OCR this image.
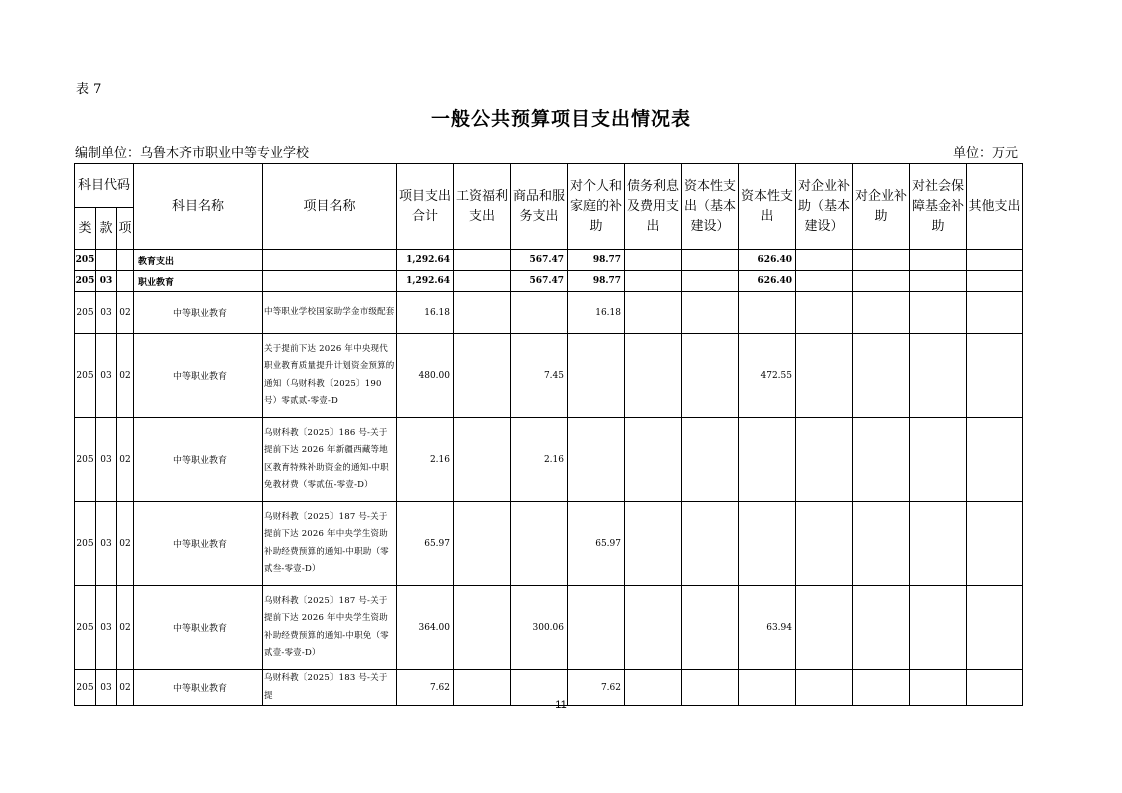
表 7
一般公共预算项目支出情况表
编制单位：乌鲁木齐市职业中等专业学校	单位：万元
科目代码			科目名称	项目名称	项目支出合计	工资福利支出	商品和服务支出	对个人和家庭的补助	债务利息及费用支出	资本性支出（基本建设）	资本性支出	对企业补助（基本建设）	对企业补助	对社会保障基金补助	其他支出
类	款	项													
205			教育支出		1,292.64		567.47	98.77			626.40				
205	03		职业教育		1,292.64		567.47	98.77			626.40				
205	03	02	中等职业教育	中等职业学校国家助学金市级配套	16.18			16.18							
205	03	02	中等职业教育	关于提前下达 2026 年中央现代职业教育质量提升计划资金预算的通知（乌财科教〔2025〕190 号）零贰贰-零壹-D	480.00		7.45				472.55				
205	03	02	中等职业教育	乌财科教〔2025〕186 号-关于提前下达 2026 年新疆西藏等地区教育特殊补助资金的通知-中职免教材费（零贰伍-零壹-D）	2.16		2.16								
205	03	02	中等职业教育	乌财科教〔2025〕187 号-关于提前下达 2026 年中央学生资助补助经费预算的通知-中职助（零贰叁-零壹-D）	65.97			65.97							
205	03	02	中等职业教育	乌财科教〔2025〕187 号-关于提前下达 2026 年中央学生资助补助经费预算的通知-中职免（零贰壹-零壹-D）	364.00		300.06				63.94				
205	03	02	中等职业教育	乌财科教〔2025〕183 号-关于提	7.62			7.62							
11
